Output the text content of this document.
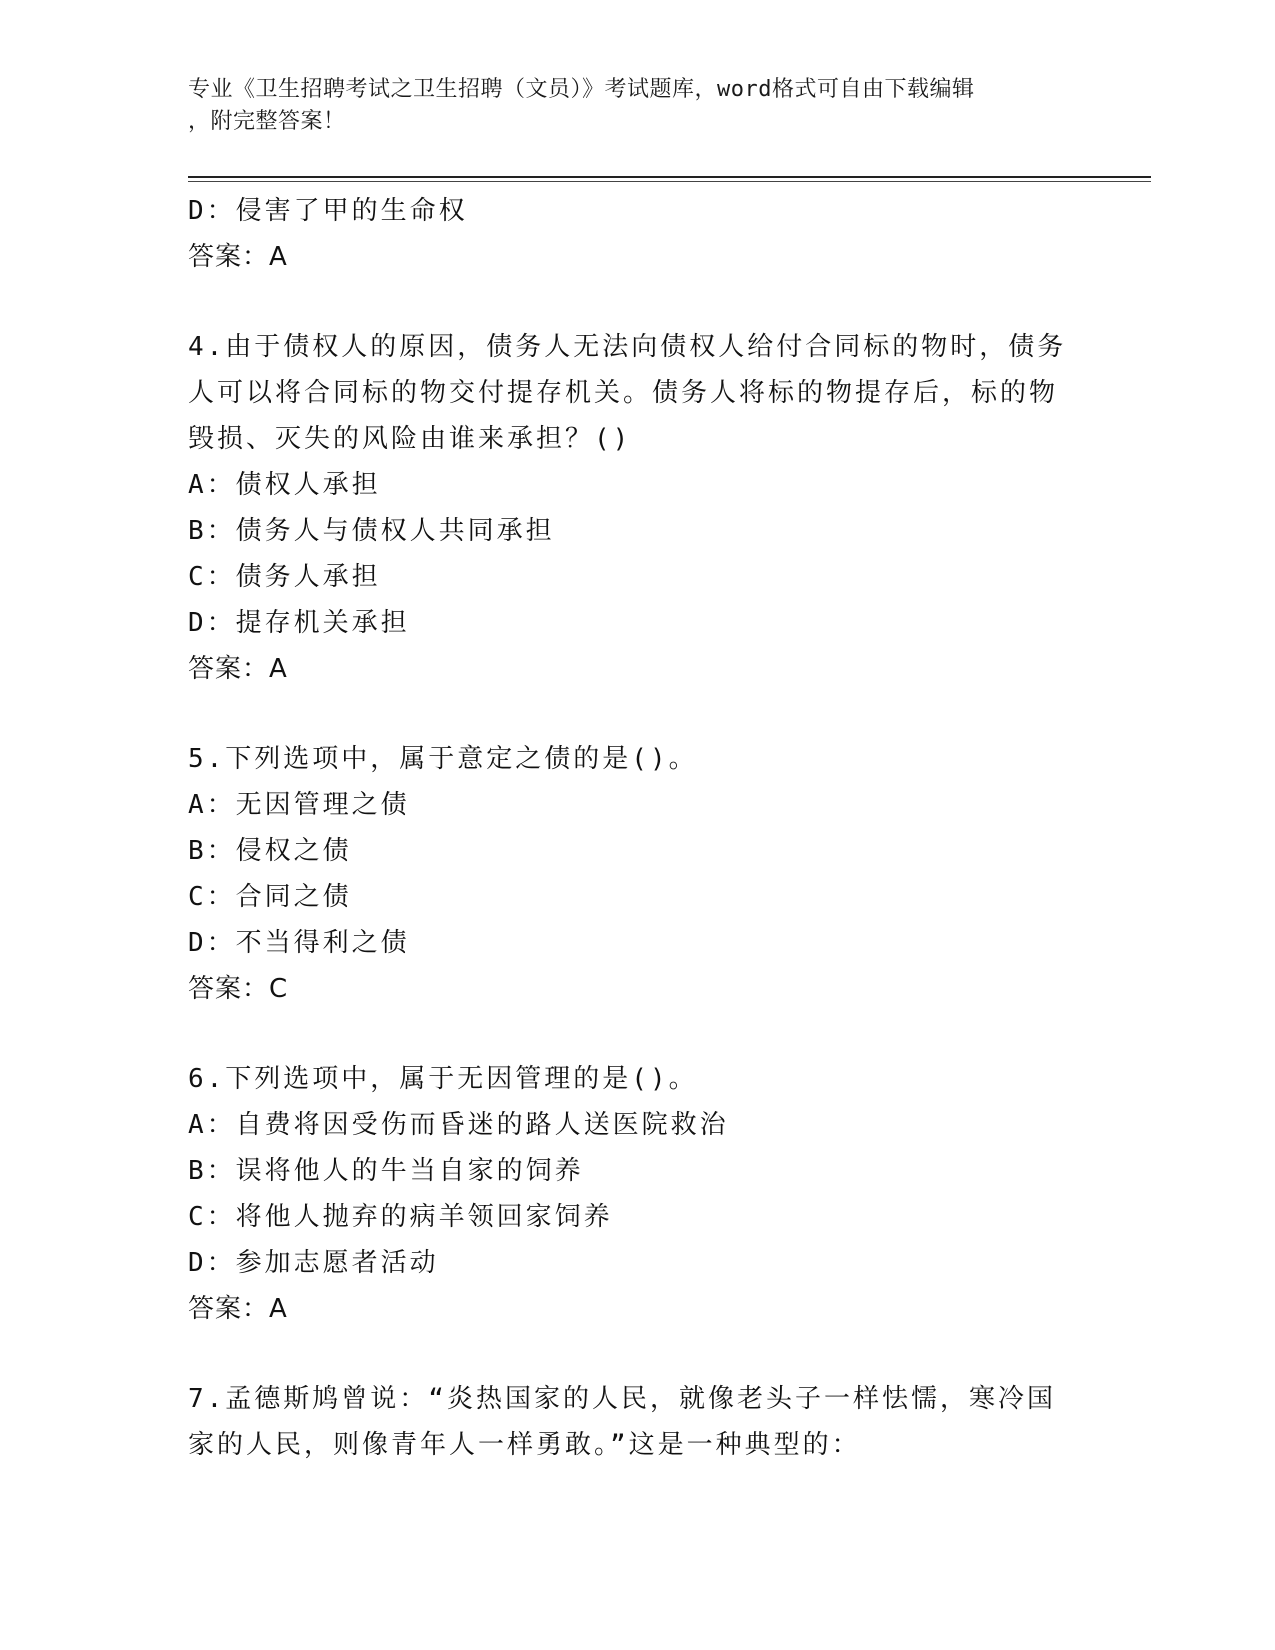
专业《卫生招聘考试之卫生招聘（文员）》考试题库，word格式可自由下载编辑
，附完整答案！
D：侵害了甲的生命权
答案：A
4.由于债权人的原因，债务人无法向债权人给付合同标的物时，债务
人可以将合同标的物交付提存机关。债务人将标的物提存后，标的物
毁损、灭失的风险由谁来承担？()
A：债权人承担
B：债务人与债权人共同承担
C：债务人承担
D：提存机关承担
答案：A
5.下列选项中，属于意定之债的是()。
A：无因管理之债
B：侵权之债
C：合同之债
D：不当得利之债
答案：C
6.下列选项中，属于无因管理的是()。
A：自费将因受伤而昏迷的路人送医院救治
B：误将他人的牛当自家的饲养
C：将他人抛弃的病羊领回家饲养
D：参加志愿者活动
答案：A
7.孟德斯鸠曾说：“炎热国家的人民，就像老头子一样怯懦，寒冷国
家的人民，则像青年人一样勇敢。”这是一种典型的：
